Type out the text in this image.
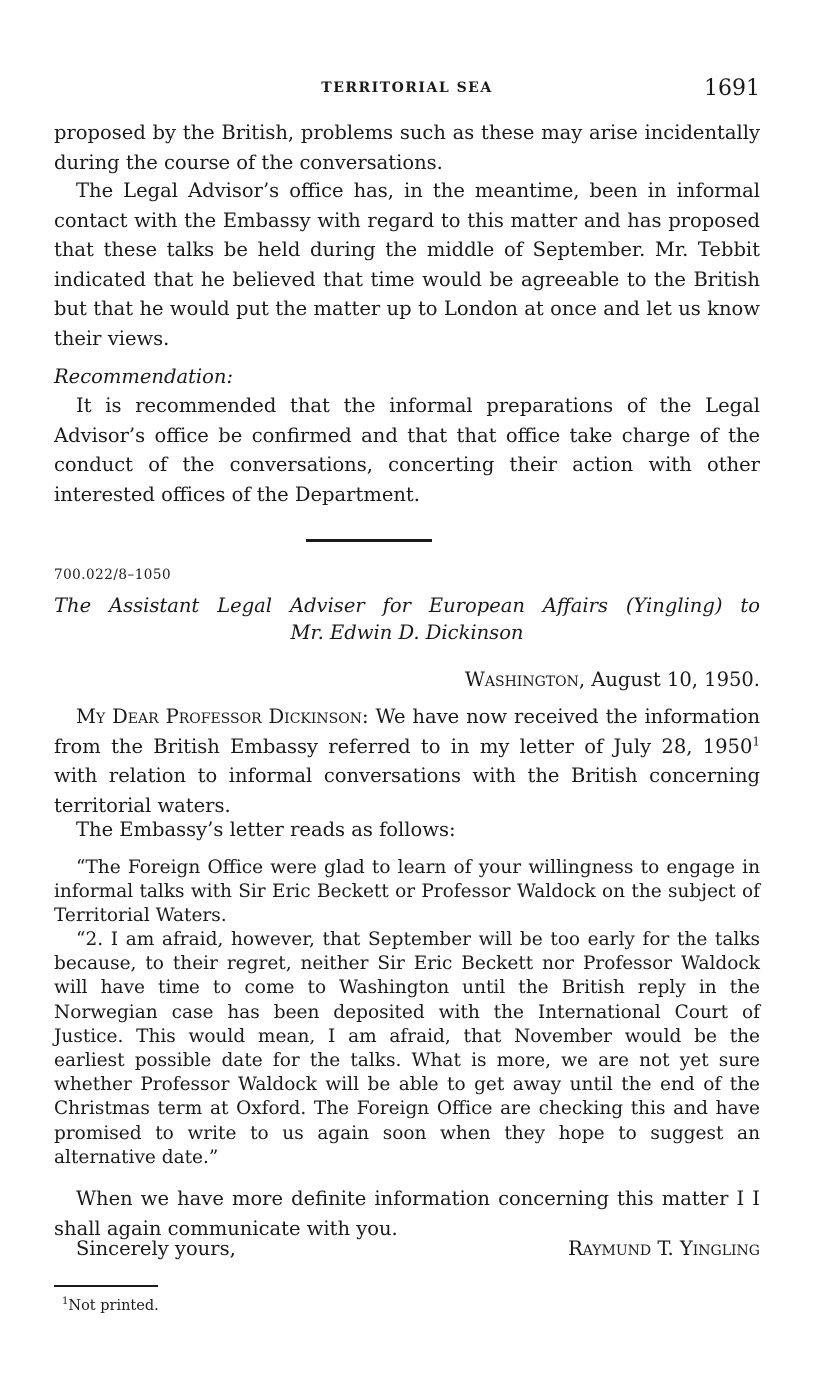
TERRITORIAL SEA	1691

proposed by the British, problems such as these may arise incidentally during the course of the conversations.

The Legal Advisor’s office has, in the meantime, been in informal contact with the Embassy with regard to this matter and has proposed that these talks be held during the middle of September. Mr. Tebbit indicated that he believed that time would be agreeable to the British but that he would put the matter up to London at once and let us know their views.

Recommendation:

It is recommended that the informal preparations of the Legal Advisor’s office be confirmed and that that office take charge of the conduct of the conversations, concerting their action with other interested offices of the Department.

700.022/8–1050

The Assistant Legal Adviser for European Affairs (Yingling) to
Mr. Edwin D. Dickinson

Washington, August 10, 1950.

My Dear Professor Dickinson: We have now received the information from the British Embassy referred to in my letter of July 28, 1950$^1$ with relation to informal conversations with the British concerning territorial waters.

The Embassy’s letter reads as follows:

“The Foreign Office were glad to learn of your willingness to engage in informal talks with Sir Eric Beckett or Professor Waldock on the subject of Territorial Waters.

“2. I am afraid, however, that September will be too early for the talks because, to their regret, neither Sir Eric Beckett nor Professor Waldock will have time to come to Washington until the British reply in the Norwegian case has been deposited with the International Court of Justice. This would mean, I am afraid, that November would be the earliest possible date for the talks. What is more, we are not yet sure whether Professor Waldock will be able to get away until the end of the Christmas term at Oxford. The Foreign Office are checking this and have promised to write to us again soon when they hope to suggest an alternative date.”

When we have more definite information concerning this matter I I shall again communicate with you.

Sincerely yours,	Raymund T. Yingling
$^1$Not printed.
